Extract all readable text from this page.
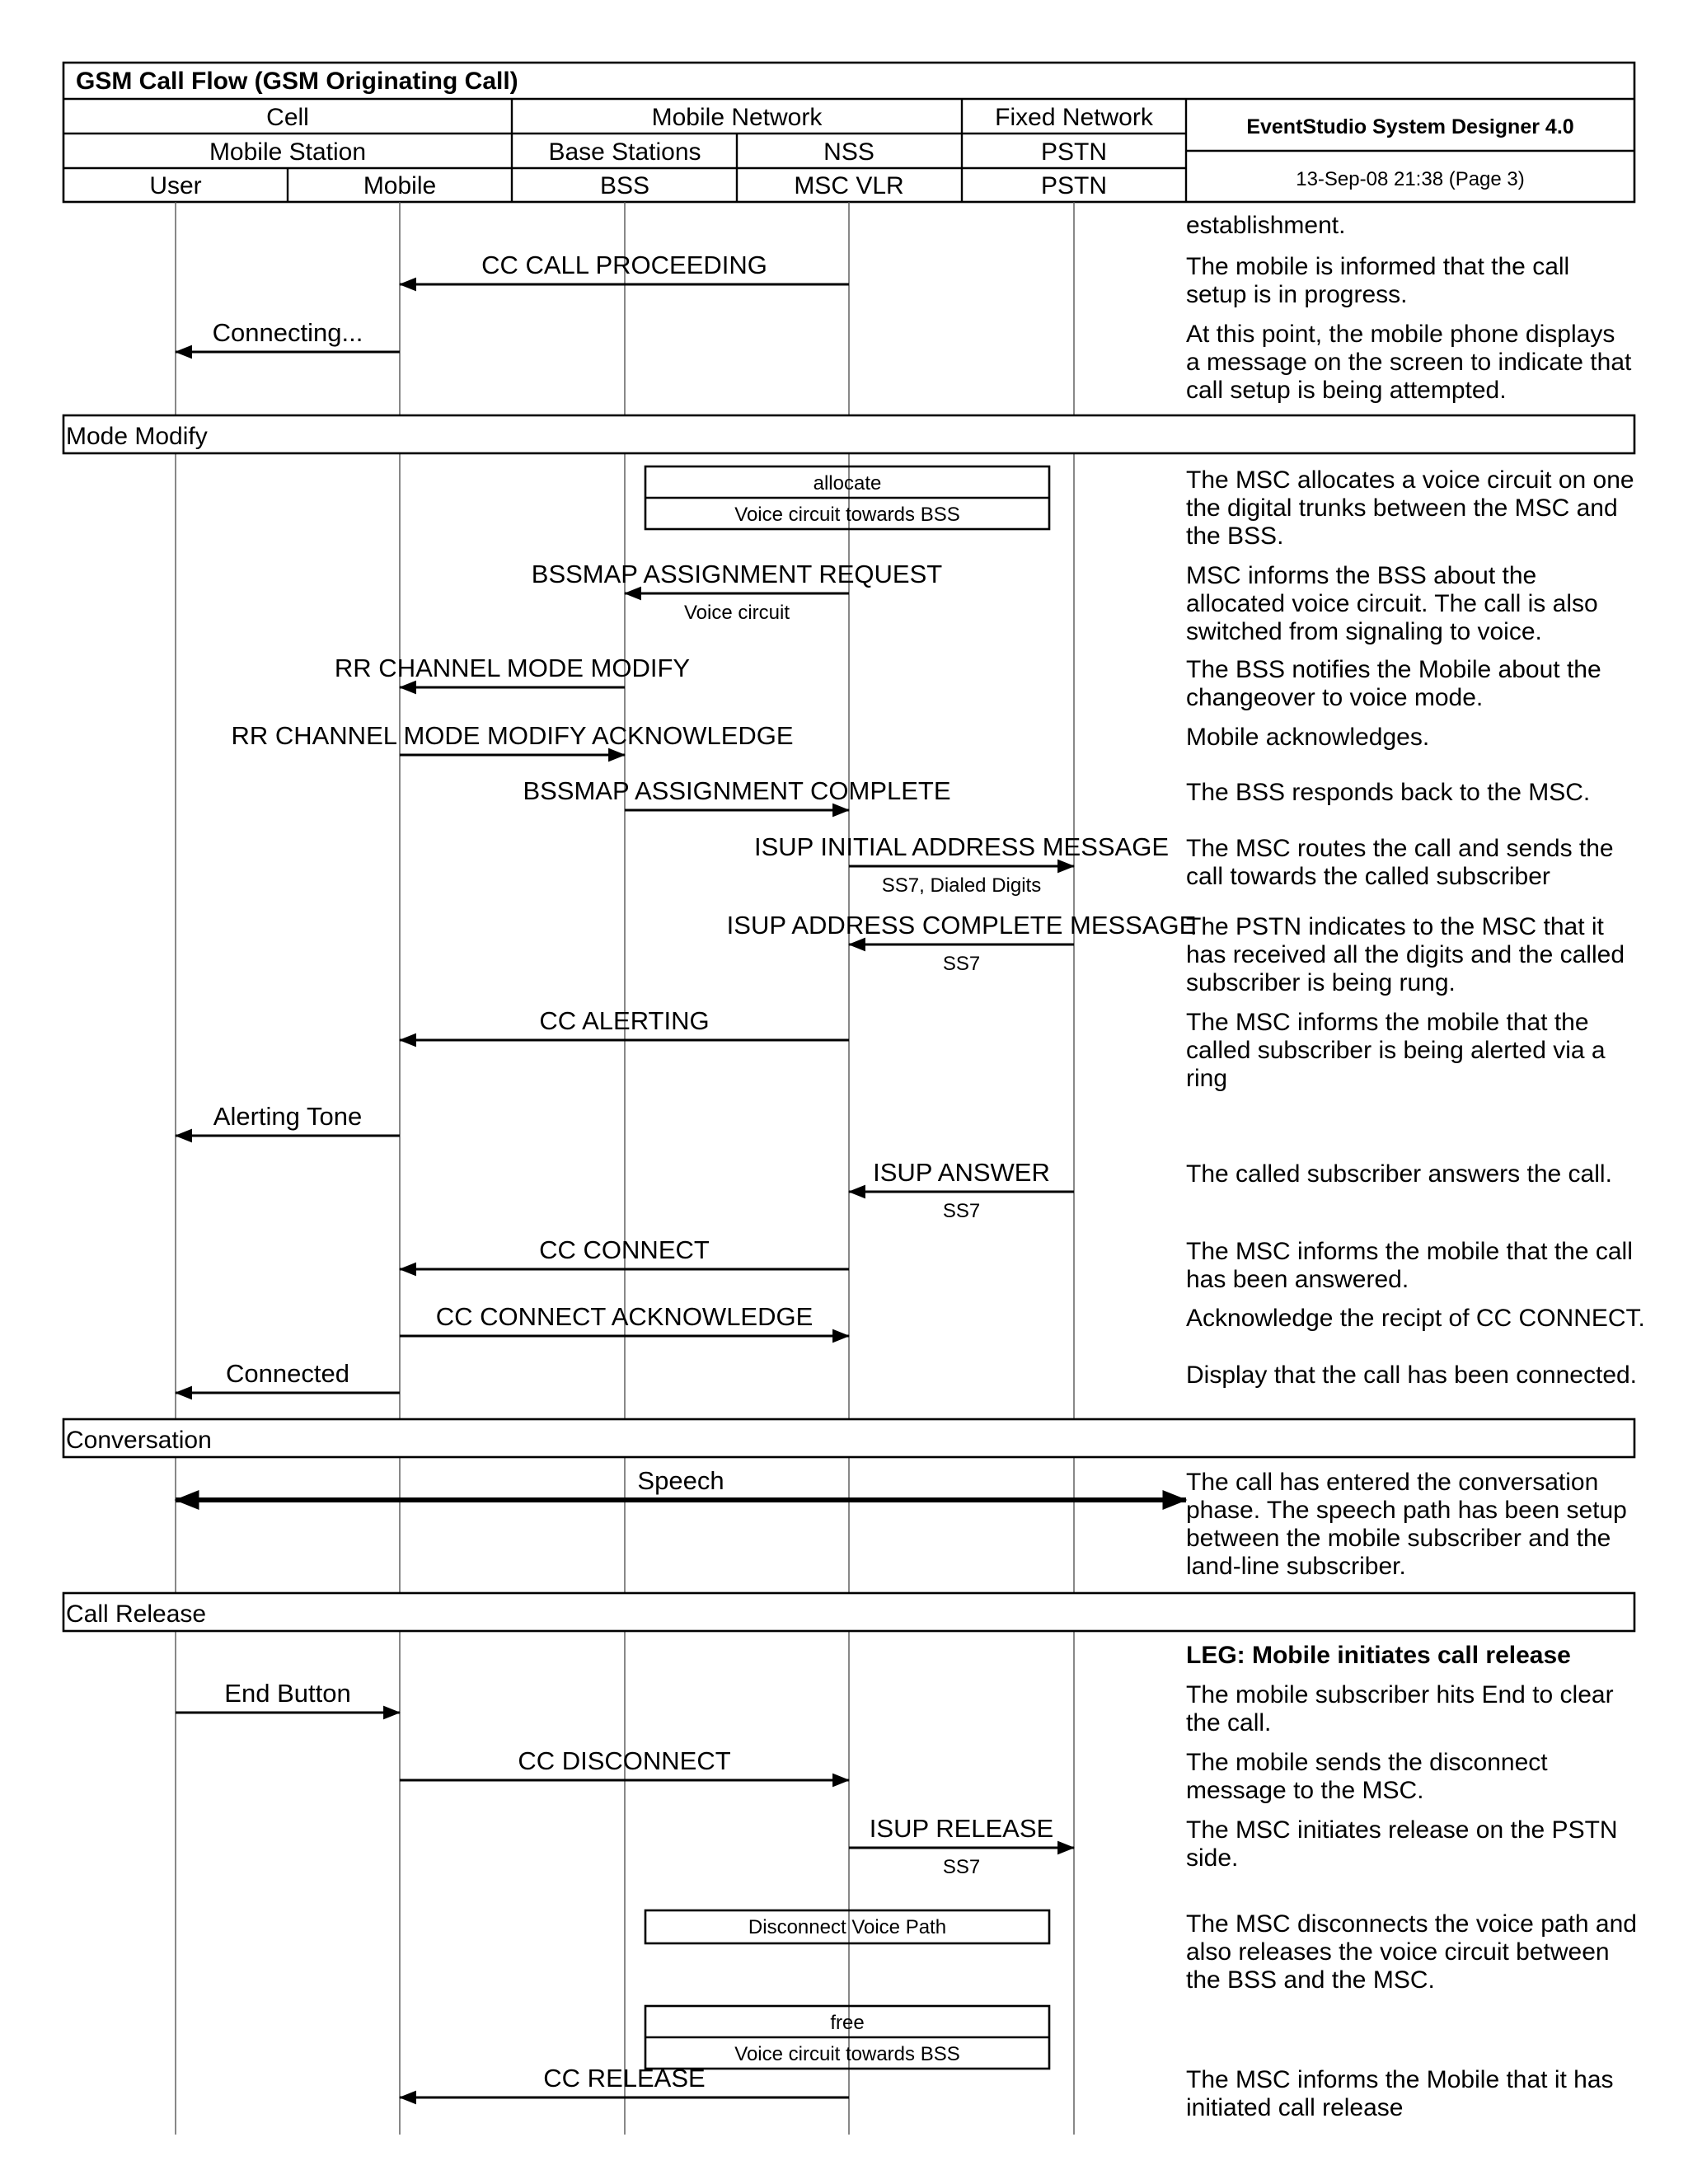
GSM Call Flow (GSM Originating Call)
Cell	Mobile Network	Fixed Network
Mobile Station	Base Stations	NSS	PSTN
User	Mobile	BSS	MSC VLR	PSTN
EventStudio System Designer 4.0
13-Sep-08 21:38 (Page 3)
Mode Modify
Conversation
Call Release
CC CALL PROCEEDING
Connecting...
BSSMAP ASSIGNMENT REQUEST
Voice circuit
RR CHANNEL MODE MODIFY
RR CHANNEL MODE MODIFY ACKNOWLEDGE
BSSMAP ASSIGNMENT COMPLETE
ISUP INITIAL ADDRESS MESSAGE
SS7, Dialed Digits
ISUP ADDRESS COMPLETE MESSAGE
SS7
CC ALERTING
Alerting Tone
ISUP ANSWER
SS7
CC CONNECT
CC CONNECT ACKNOWLEDGE
Connected
Speech
End Button
CC DISCONNECT
ISUP RELEASE
SS7
CC RELEASE
allocate
Voice circuit towards BSS
Disconnect Voice Path
free
Voice circuit towards BSS
establishment.
LEG: Mobile initiates call release
The mobile is informed that the call setup is in progress.
At this point, the mobile phone displays a message on the screen to indicate that call setup is being attempted.
MSC informs the BSS about the allocated voice circuit. The call is also switched from signaling to voice.
The BSS notifies the Mobile about the changeover to voice mode.
Mobile acknowledges.
The BSS responds back to the MSC.
The MSC routes the call and sends the call towards the called subscriber
The PSTN indicates to the MSC that it has received all the digits and the called subscriber is being rung.
The MSC informs the mobile that the called subscriber is being alerted via a ring
The called subscriber answers the call.
The MSC informs the mobile that the call has been answered.
Acknowledge the recipt of CC CONNECT.
Display that the call has been connected.
The call has entered the conversation phase. The speech path has been setup between the mobile subscriber and the land-line subscriber.
The mobile subscriber hits End to clear the call.
The mobile sends the disconnect message to the MSC.
The MSC initiates release on the PSTN side.
The MSC informs the Mobile that it has initiated call release
The MSC allocates a voice circuit on one the digital trunks between the MSC and the BSS.
The MSC disconnects the voice path and also releases the voice circuit between the BSS and the MSC.
